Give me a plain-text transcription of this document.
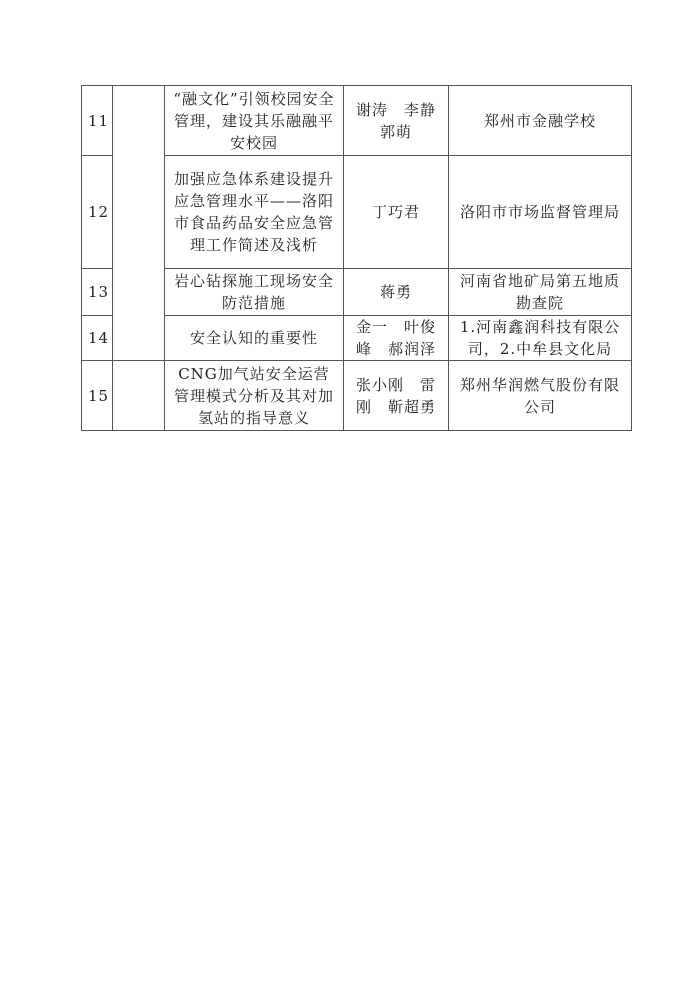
11		“融文化”引领校园安全管理，建设其乐融融平安校园	谢涛　李静　郭萌	郑州市金融学校
12		加强应急体系建设提升应急管理水平——洛阳市食品药品安全应急管理工作简述及浅析	丁巧君	洛阳市市场监督管理局
13		岩心钻探施工现场安全防范措施	蒋勇	河南省地矿局第五地质勘查院
14		安全认知的重要性	金一　叶俊峰　郝润泽	1.河南鑫润科技有限公司，2.中牟县文化局
15		CNG加气站安全运营管理模式分析及其对加氢站的指导意义	张小刚　雷刚　靳超勇	郑州华润燃气股份有限公司
